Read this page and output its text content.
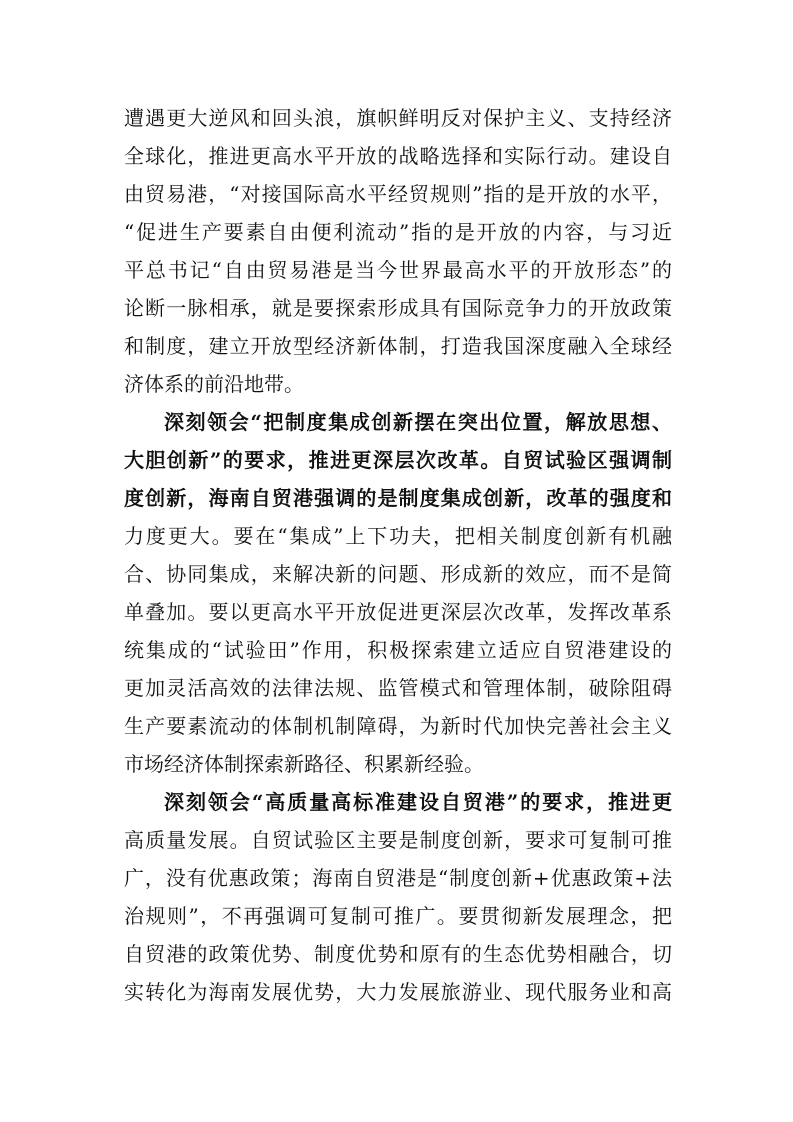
遭遇更大逆风和回头浪，旗帜鲜明反对保护主义、支持经济
全球化，推进更高水平开放的战略选择和实际行动。建设自
由贸易港，“对接国际高水平经贸规则”指的是开放的水平，
“促进生产要素自由便利流动”指的是开放的内容，与习近
平总书记“自由贸易港是当今世界最高水平的开放形态”的
论断一脉相承，就是要探索形成具有国际竞争力的开放政策
和制度，建立开放型经济新体制，打造我国深度融入全球经
济体系的前沿地带。
深刻领会“把制度集成创新摆在突出位置，解放思想、
大胆创新”的要求，推进更深层次改革。自贸试验区强调制
度创新，海南自贸港强调的是制度集成创新，改革的强度和
力度更大。要在“集成”上下功夫，把相关制度创新有机融
合、协同集成，来解决新的问题、形成新的效应，而不是简
单叠加。要以更高水平开放促进更深层次改革，发挥改革系
统集成的“试验田”作用，积极探索建立适应自贸港建设的
更加灵活高效的法律法规、监管模式和管理体制，破除阻碍
生产要素流动的体制机制障碍，为新时代加快完善社会主义
市场经济体制探索新路径、积累新经验。
深刻领会“高质量高标准建设自贸港”的要求，推进更
高质量发展。自贸试验区主要是制度创新，要求可复制可推
广，没有优惠政策；海南自贸港是“制度创新+优惠政策+法
治规则”，不再强调可复制可推广。要贯彻新发展理念，把
自贸港的政策优势、制度优势和原有的生态优势相融合，切
实转化为海南发展优势，大力发展旅游业、现代服务业和高
